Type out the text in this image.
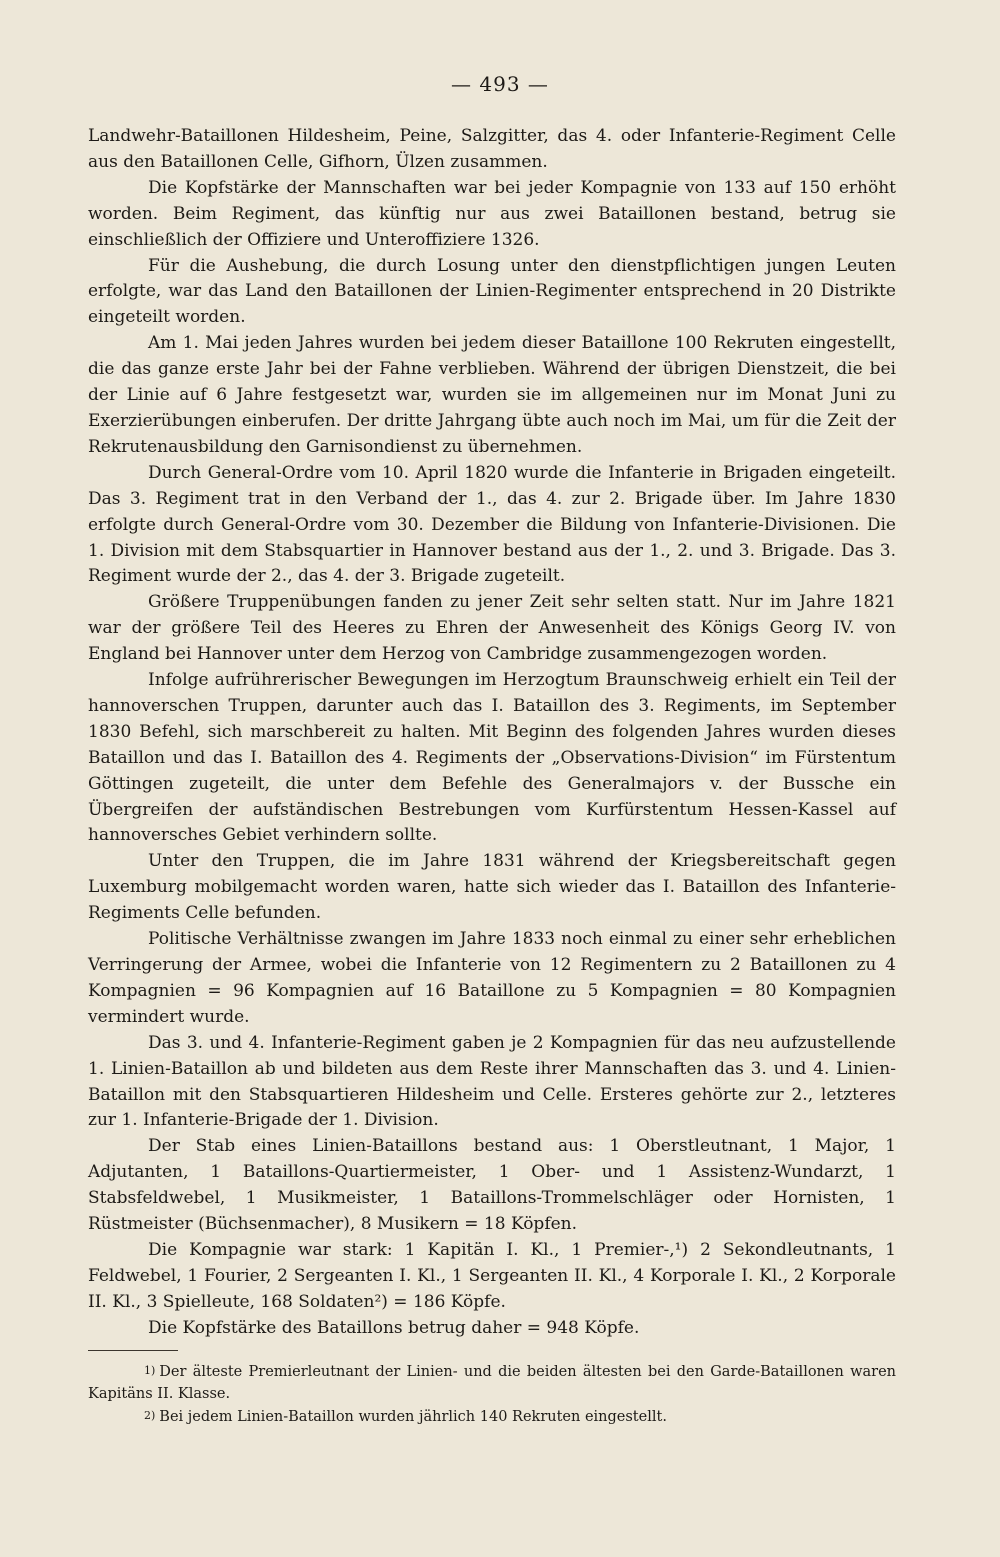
— 493 —

Landwehr-Bataillonen Hildesheim, Peine, Salzgitter, das 4. oder Infanterie-Regiment Celle aus den Bataillonen Celle, Gifhorn, Ülzen zusammen.

Die Kopfstärke der Mannschaften war bei jeder Kompagnie von 133 auf 150 erhöht worden. Beim Regiment, das künftig nur aus zwei Bataillonen bestand, betrug sie einschließlich der Offiziere und Unteroffiziere 1326.

Für die Aushebung, die durch Losung unter den dienstpflichtigen jungen Leuten erfolgte, war das Land den Bataillonen der Linien-Regimenter entsprechend in 20 Distrikte eingeteilt worden.

Am 1. Mai jeden Jahres wurden bei jedem dieser Bataillone 100 Rekruten eingestellt, die das ganze erste Jahr bei der Fahne verblieben. Während der übrigen Dienstzeit, die bei der Linie auf 6 Jahre festgesetzt war, wurden sie im allgemeinen nur im Monat Juni zu Exerzierübungen einberufen. Der dritte Jahrgang übte auch noch im Mai, um für die Zeit der Rekrutenausbildung den Garnisondienst zu übernehmen.

Durch General-Ordre vom 10. April 1820 wurde die Infanterie in Brigaden eingeteilt. Das 3. Regiment trat in den Verband der 1., das 4. zur 2. Brigade über. Im Jahre 1830 erfolgte durch General-Ordre vom 30. Dezember die Bildung von Infanterie-Divisionen. Die 1. Division mit dem Stabsquartier in Hannover bestand aus der 1., 2. und 3. Brigade. Das 3. Regiment wurde der 2., das 4. der 3. Brigade zugeteilt.

Größere Truppenübungen fanden zu jener Zeit sehr selten statt. Nur im Jahre 1821 war der größere Teil des Heeres zu Ehren der Anwesenheit des Königs Georg IV. von England bei Hannover unter dem Herzog von Cambridge zusammengezogen worden.

Infolge aufrührerischer Bewegungen im Herzogtum Braunschweig erhielt ein Teil der hannoverschen Truppen, darunter auch das I. Bataillon des 3. Regiments, im September 1830 Befehl, sich marschbereit zu halten. Mit Beginn des folgenden Jahres wurden dieses Bataillon und das I. Bataillon des 4. Regiments der „Observations-Division“ im Fürstentum Göttingen zugeteilt, die unter dem Befehle des Generalmajors v. der Bussche ein Übergreifen der aufständischen Bestrebungen vom Kurfürstentum Hessen-Kassel auf hannoversches Gebiet verhindern sollte.

Unter den Truppen, die im Jahre 1831 während der Kriegsbereitschaft gegen Luxemburg mobilgemacht worden waren, hatte sich wieder das I. Bataillon des Infanterie-Regiments Celle befunden.

Politische Verhältnisse zwangen im Jahre 1833 noch einmal zu einer sehr erheblichen Verringerung der Armee, wobei die Infanterie von 12 Regimentern zu 2 Bataillonen zu 4 Kompagnien = 96 Kompagnien auf 16 Bataillone zu 5 Kompagnien = 80 Kompagnien vermindert wurde.

Das 3. und 4. Infanterie-Regiment gaben je 2 Kompagnien für das neu aufzustellende 1. Linien-Bataillon ab und bildeten aus dem Reste ihrer Mannschaften das 3. und 4. Linien-Bataillon mit den Stabsquartieren Hildesheim und Celle. Ersteres gehörte zur 2., letzteres zur 1. Infanterie-Brigade der 1. Division.

Der Stab eines Linien-Bataillons bestand aus: 1 Oberstleutnant, 1 Major, 1 Adjutanten, 1 Bataillons-Quartiermeister, 1 Ober- und 1 Assistenz-Wundarzt, 1 Stabsfeldwebel, 1 Musikmeister, 1 Bataillons-Trommelschläger oder Hornisten, 1 Rüstmeister (Büchsenmacher), 8 Musikern = 18 Köpfen.

Die Kompagnie war stark: 1 Kapitän I. Kl., 1 Premier-,¹) 2 Sekondleutnants, 1 Feldwebel, 1 Fourier, 2 Sergeanten I. Kl., 1 Sergeanten II. Kl., 4 Korporale I. Kl., 2 Korporale II. Kl., 3 Spielleute, 168 Soldaten²) = 186 Köpfe.

Die Kopfstärke des Bataillons betrug daher = 948 Köpfe.

1) Der älteste Premierleutnant der Linien- und die beiden ältesten bei den Garde-Bataillonen waren Kapitäns II. Klasse.

2) Bei jedem Linien-Bataillon wurden jährlich 140 Rekruten eingestellt.
